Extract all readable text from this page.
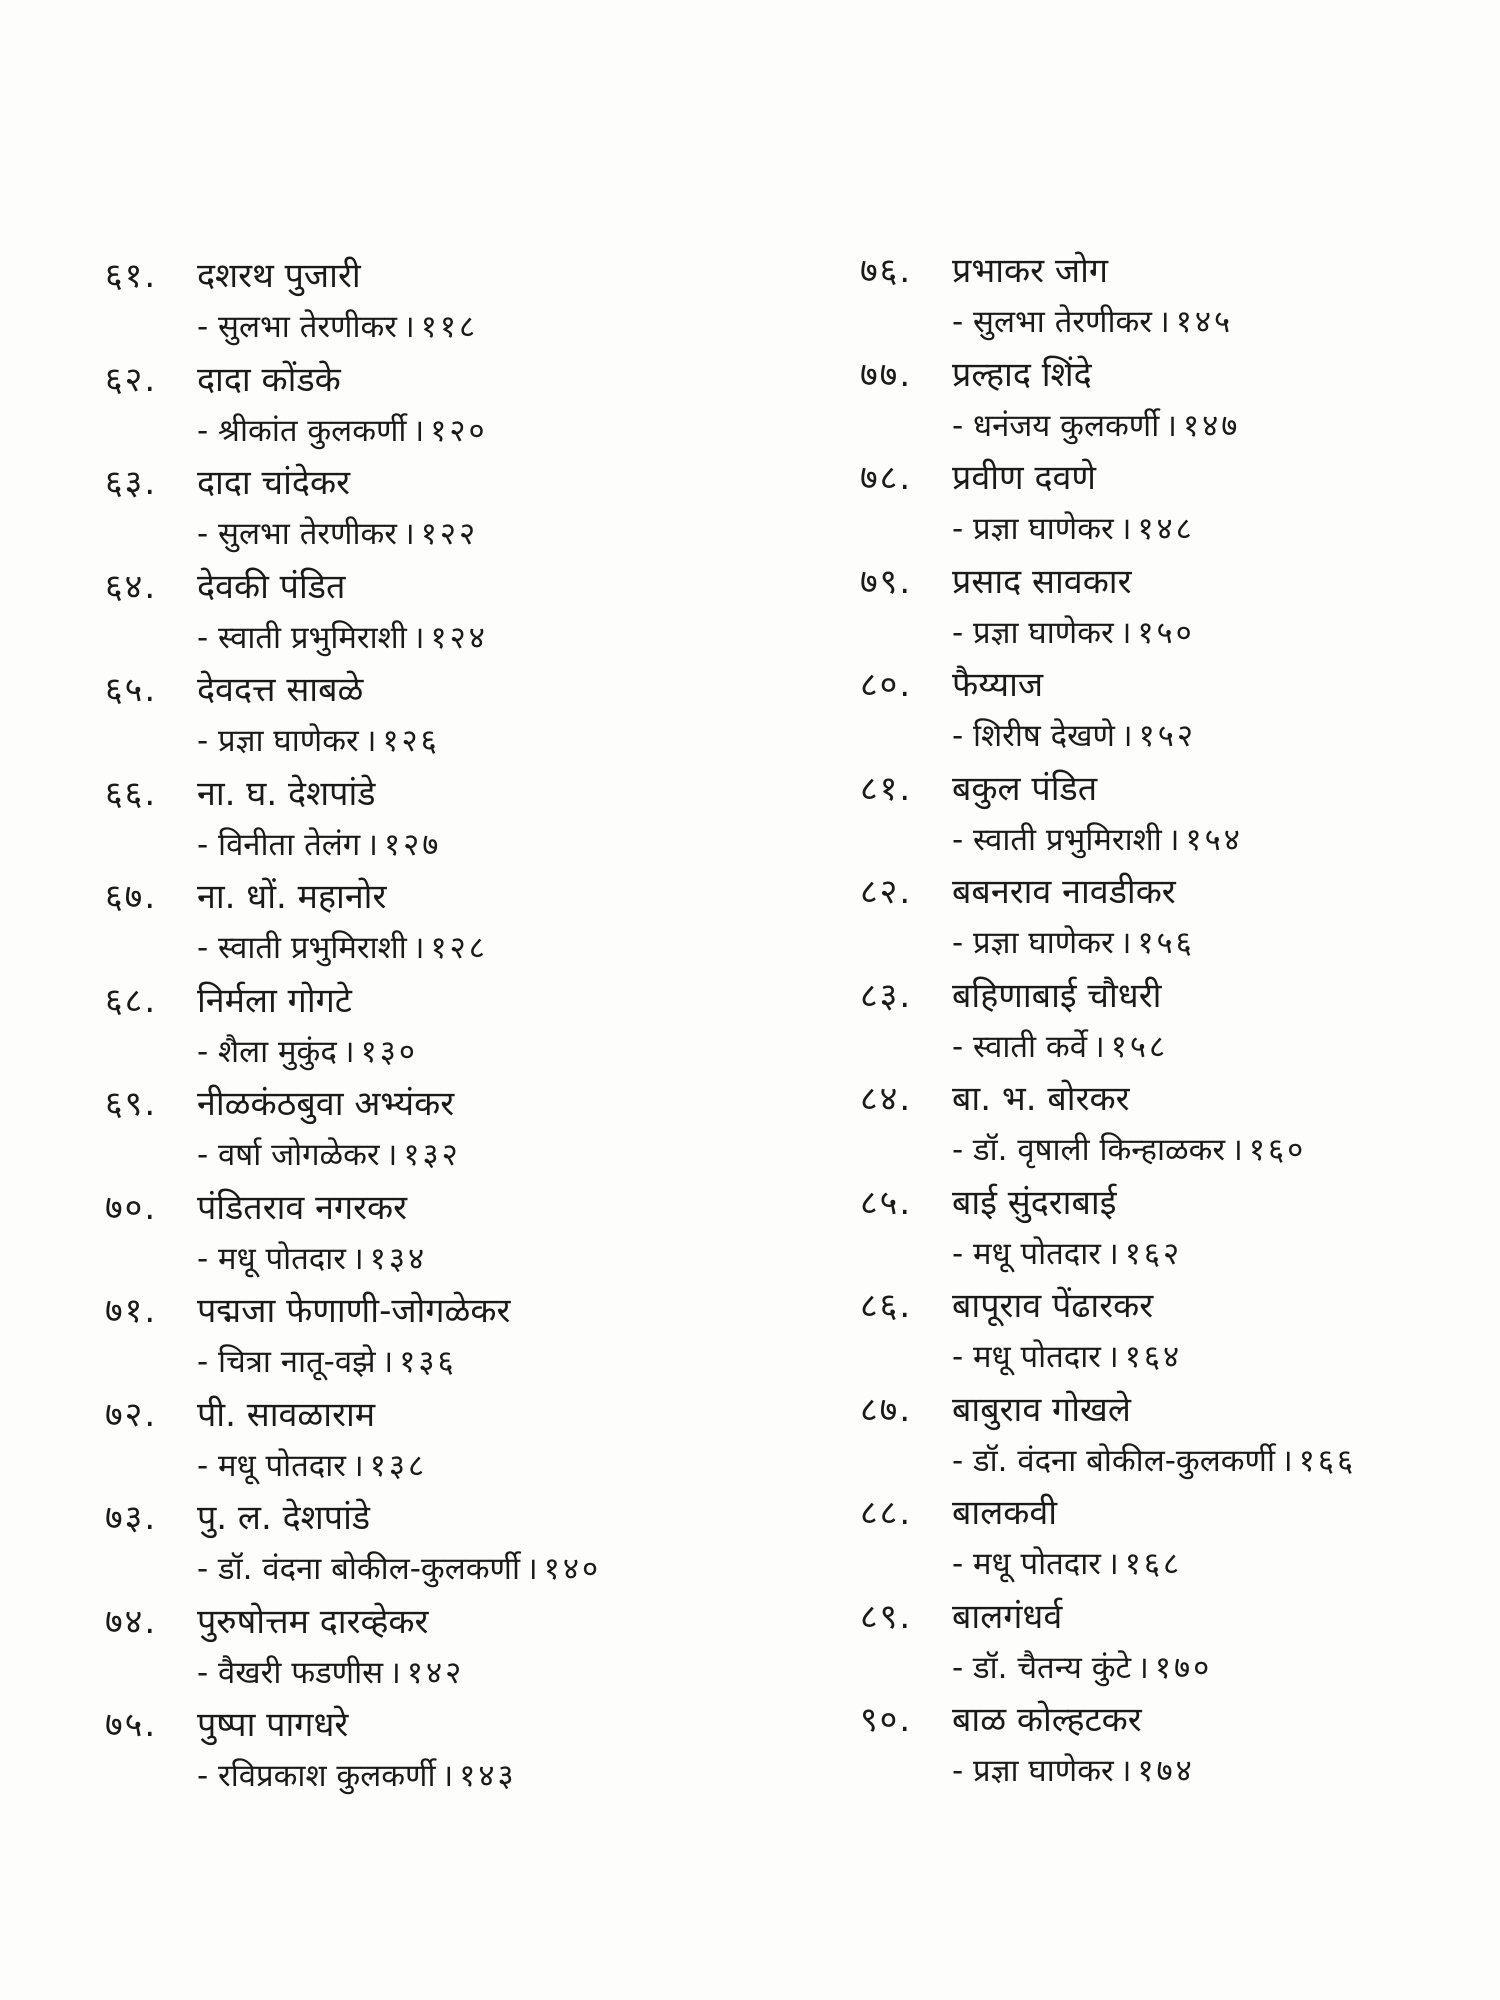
६१. दशरथ पुजारी
- सुलभा तेरणीकर । ११८
६२. दादा कोंडके
- श्रीकांत कुलकर्णी । १२०
६३. दादा चांदेकर
- सुलभा तेरणीकर । १२२
६४. देवकी पंडित
- स्वाती प्रभुमिराशी । १२४
६५. देवदत्त साबळे
- प्रज्ञा घाणेकर । १२६
६६. ना. घ. देशपांडे
- विनीता तेलंग । १२७
६७. ना. धों. महानोर
- स्वाती प्रभुमिराशी । १२८
६८. निर्मला गोगटे
- शैला मुकुंद । १३०
६९. नीळकंठबुवा अभ्यंकर
- वर्षा जोगळेकर । १३२
७०. पंडितराव नगरकर
- मधू पोतदार । १३४
७१. पद्मजा फेणाणी-जोगळेकर
- चित्रा नातू-वझे । १३६
७२. पी. सावळाराम
- मधू पोतदार । १३८
७३. पु. ल. देशपांडे
- डॉ. वंदना बोकील-कुलकर्णी । १४०
७४. पुरुषोत्तम दारव्हेकर
- वैखरी फडणीस । १४२
७५. पुष्पा पागधरे
- रविप्रकाश कुलकर्णी । १४३
७६. प्रभाकर जोग
- सुलभा तेरणीकर । १४५
७७. प्रल्हाद शिंदे
- धनंजय कुलकर्णी । १४७
७८. प्रवीण दवणे
- प्रज्ञा घाणेकर । १४८
७९. प्रसाद सावकार
- प्रज्ञा घाणेकर । १५०
८०. फैय्याज
- शिरीष देखणे । १५२
८१. बकुल पंडित
- स्वाती प्रभुमिराशी । १५४
८२. बबनराव नावडीकर
- प्रज्ञा घाणेकर । १५६
८३. बहिणाबाई चौधरी
- स्वाती कर्वे । १५८
८४. बा. भ. बोरकर
- डॉ. वृषाली किन्हाळकर । १६०
८५. बाई सुंदराबाई
- मधू पोतदार । १६२
८६. बापूराव पेंढारकर
- मधू पोतदार । १६४
८७. बाबुराव गोखले
- डॉ. वंदना बोकील-कुलकर्णी । १६६
८८. बालकवी
- मधू पोतदार । १६८
८९. बालगंधर्व
- डॉ. चैतन्य कुंटे । १७०
९०. बाळ कोल्हटकर
- प्रज्ञा घाणेकर । १७४
